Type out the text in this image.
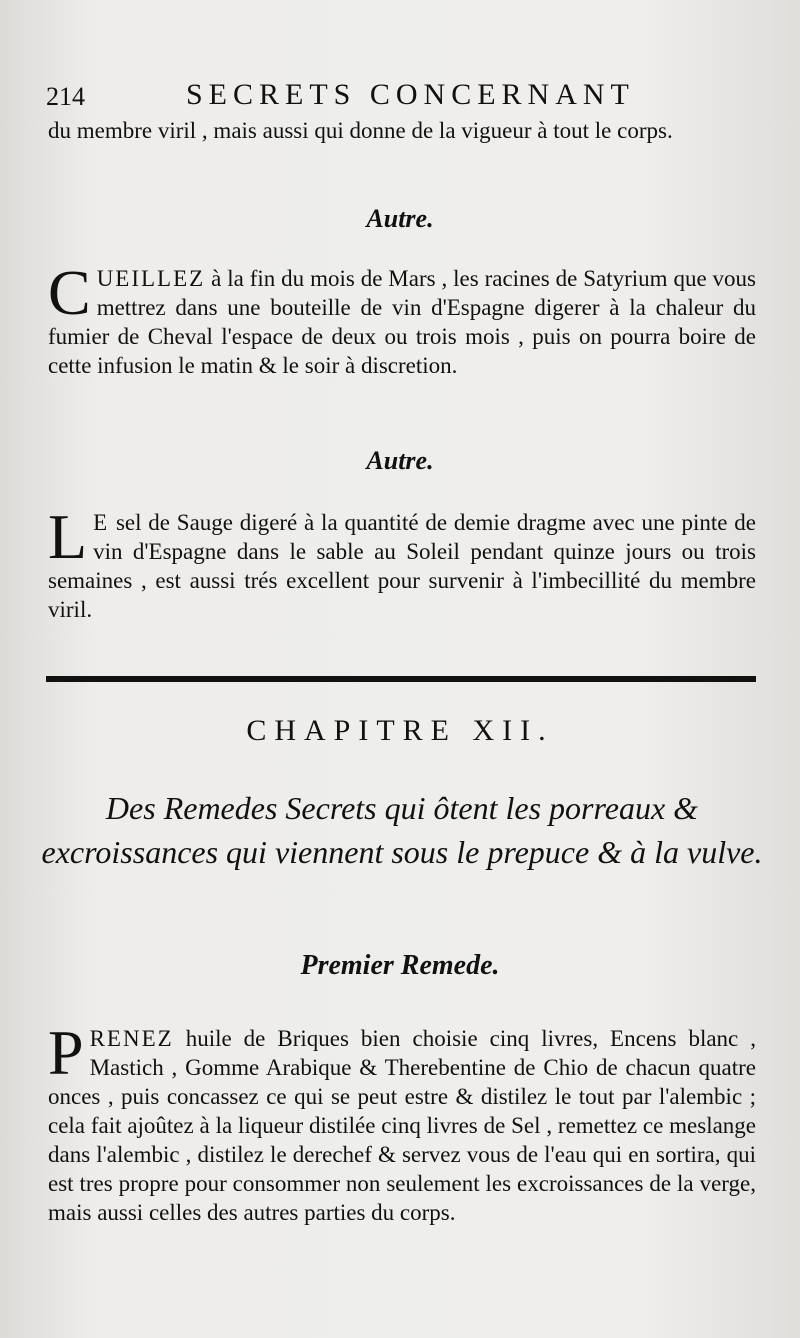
214	SECRETS CONCERNANT
du membre viril , mais aussi qui donne de la vigueur à tout le corps.
Autre.
C UEILLEZ à la fin du mois de Mars , les racines de Satyrium que vous mettrez dans une bouteille de vin d'Espagne digerer à la chaleur du fumier de Cheval l'espace de deux ou trois mois , puis on pourra boire de cette infusion le matin & le soir à discretion.
Autre.
L E sel de Sauge digeré à la quantité de demie dragme avec une pinte de vin d'Espagne dans le sable au Soleil pendant quinze jours ou trois semaines , est aussi trés excellent pour survenir à l'imbecillité du membre viril.
CHAPITRE XII.
Des Remedes Secrets qui ôtent les porreaux & excroissances qui viennent sous le prepuce & à la vulve.
Premier Remede.
P RENEZ huile de Briques bien choisie cinq livres, Encens blanc , Mastich , Gomme Arabique & Therebentine de Chio de chacun quatre onces , puis concassez ce qui se peut estre & distilez le tout par l'alembic ; cela fait ajoûtez à la liqueur distilée cinq livres de Sel , remettez ce meslange dans l'alembic , distilez le derechef & servez vous de l'eau qui en sortira, qui est tres propre pour consommer non seulement les excroissances de la verge, mais aussi celles des autres parties du corps.
